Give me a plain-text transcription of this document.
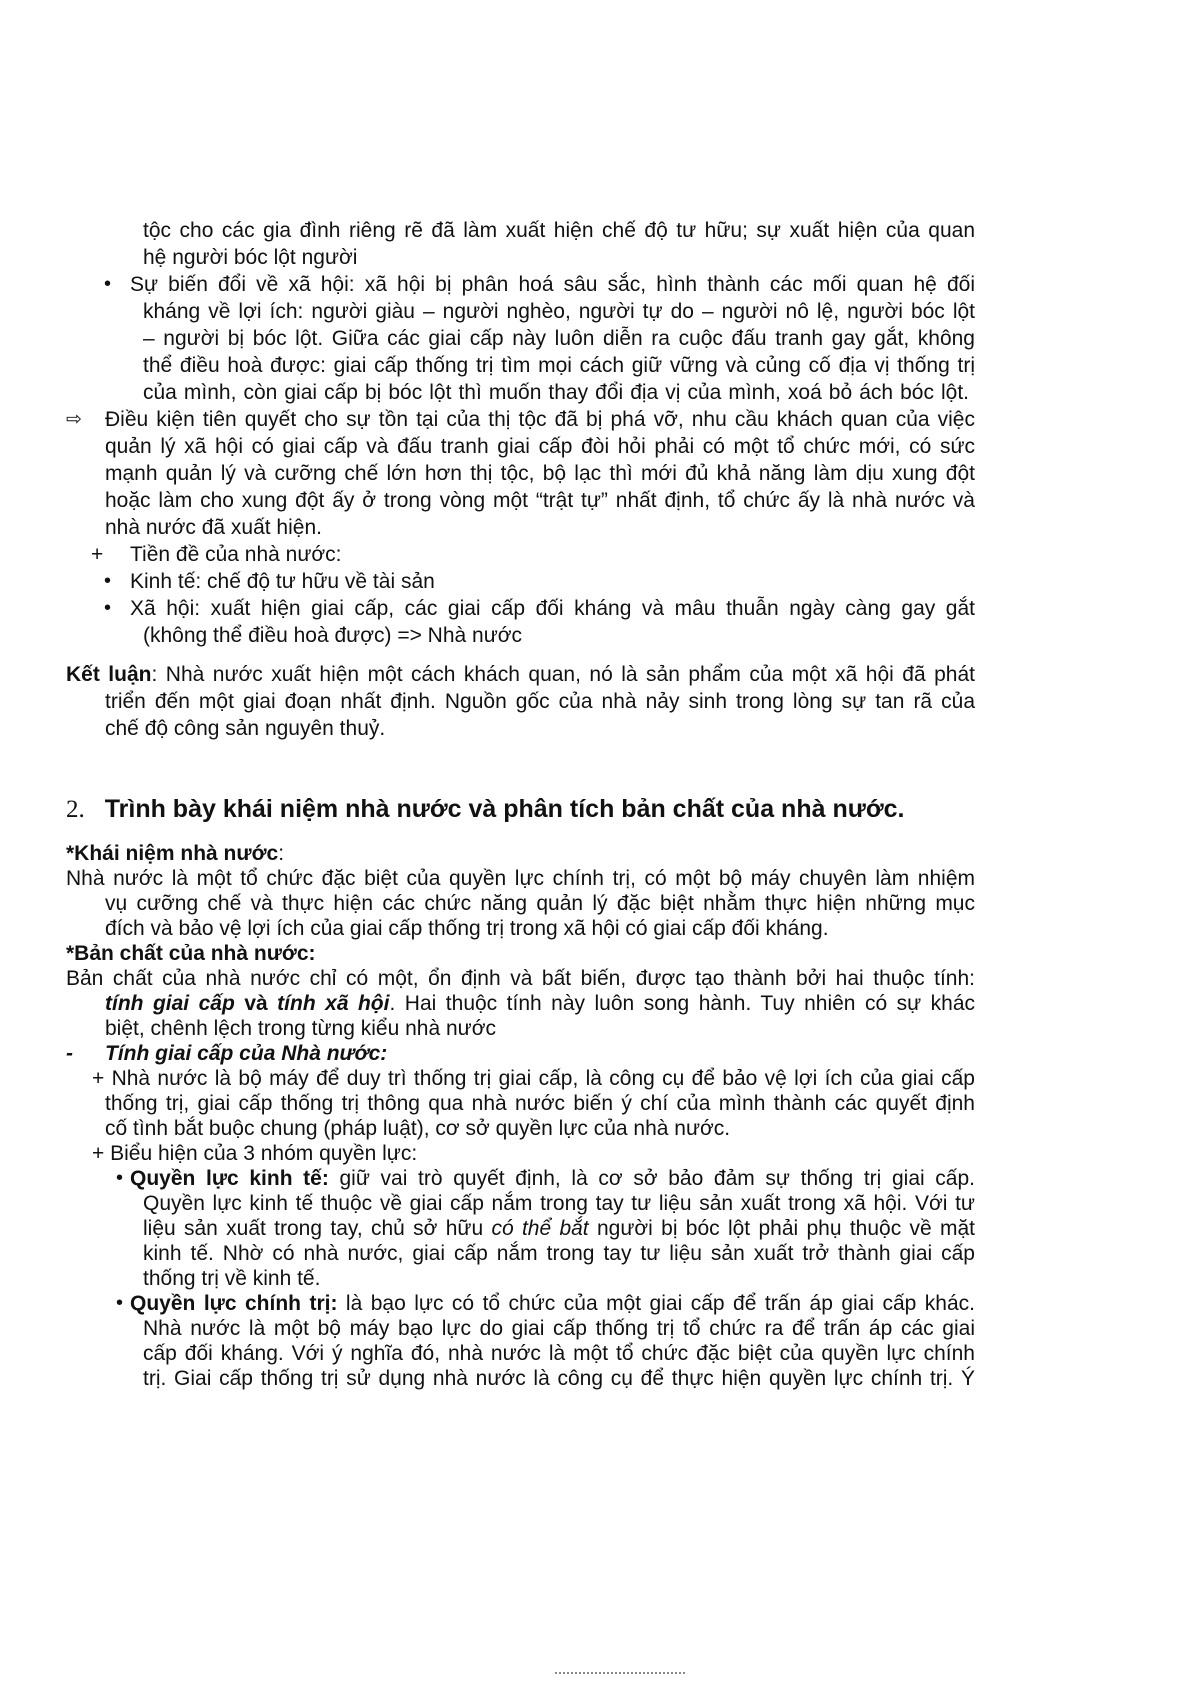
tộc cho các gia đình riêng rẽ đã làm xuất hiện chế độ tư hữu; sự xuất hiện của quan
hệ người bóc lột người
• Sự biến đổi về xã hội: xã hội bị phân hoá sâu sắc, hình thành các mối quan hệ đối
kháng về lợi ích: người giàu – người nghèo, người tự do – người nô lệ, người bóc lột
– người bị bóc lột. Giữa các giai cấp này luôn diễn ra cuộc đấu tranh gay gắt, không
thể điều hoà được: giai cấp thống trị tìm mọi cách giữ vững và củng cố địa vị thống trị
của mình, còn giai cấp bị bóc lột thì muốn thay đổi địa vị của mình, xoá bỏ ách bóc lột.
⇨ Điều kiện tiên quyết cho sự tồn tại của thị tộc đã bị phá vỡ, nhu cầu khách quan của việc
quản lý xã hội có giai cấp và đấu tranh giai cấp đòi hỏi phải có một tổ chức mới, có sức
mạnh quản lý và cưỡng chế lớn hơn thị tộc, bộ lạc thì mới đủ khả năng làm dịu xung đột
hoặc làm cho xung đột ấy ở trong vòng một “trật tự” nhất định, tổ chức ấy là nhà nước và
nhà nước đã xuất hiện.
+ Tiền đề của nhà nước:
• Kinh tế: chế độ tư hữu về tài sản
• Xã hội: xuất hiện giai cấp, các giai cấp đối kháng và mâu thuẫn ngày càng gay gắt
(không thể điều hoà được) => Nhà nước
Kết luận: Nhà nước xuất hiện một cách khách quan, nó là sản phẩm của một xã hội đã phát
triển đến một giai đoạn nhất định. Nguồn gốc của nhà nảy sinh trong lòng sự tan rã của
chế độ công sản nguyên thuỷ.
2. Trình bày khái niệm nhà nước và phân tích bản chất của nhà nước.
*Khái niệm nhà nước:
Nhà nước là một tổ chức đặc biệt của quyền lực chính trị, có một bộ máy chuyên làm nhiệm
vụ cưỡng chế và thực hiện các chức năng quản lý đặc biệt nhằm thực hiện những mục
đích và bảo vệ lợi ích của giai cấp thống trị trong xã hội có giai cấp đối kháng.
*Bản chất của nhà nước:
Bản chất của nhà nước chỉ có một, ổn định và bất biến, được tạo thành bởi hai thuộc tính:
tính giai cấp và tính xã hội. Hai thuộc tính này luôn song hành. Tuy nhiên có sự khác
biệt, chênh lệch trong từng kiểu nhà nước
- Tính giai cấp của Nhà nước:
+ Nhà nước là bộ máy để duy trì thống trị giai cấp, là công cụ để bảo vệ lợi ích của giai cấp
thống trị, giai cấp thống trị thông qua nhà nước biến ý chí của mình thành các quyết định
cố tình bắt buộc chung (pháp luật), cơ sở quyền lực của nhà nước.
+ Biểu hiện của 3 nhóm quyền lực:
• Quyền lực kinh tế: giữ vai trò quyết định, là cơ sở bảo đảm sự thống trị giai cấp.
Quyền lực kinh tế thuộc về giai cấp nắm trong tay tư liệu sản xuất trong xã hội. Với tư
liệu sản xuất trong tay, chủ sở hữu có thể bắt người bị bóc lột phải phụ thuộc về mặt
kinh tế. Nhờ có nhà nước, giai cấp nắm trong tay tư liệu sản xuất trở thành giai cấp
thống trị về kinh tế.
• Quyền lực chính trị: là bạo lực có tổ chức của một giai cấp để trấn áp giai cấp khác.
Nhà nước là một bộ máy bạo lực do giai cấp thống trị tổ chức ra để trấn áp các giai
cấp đối kháng. Với ý nghĩa đó, nhà nước là một tổ chức đặc biệt của quyền lực chính
trị. Giai cấp thống trị sử dụng nhà nước là công cụ để thực hiện quyền lực chính trị. Ý
